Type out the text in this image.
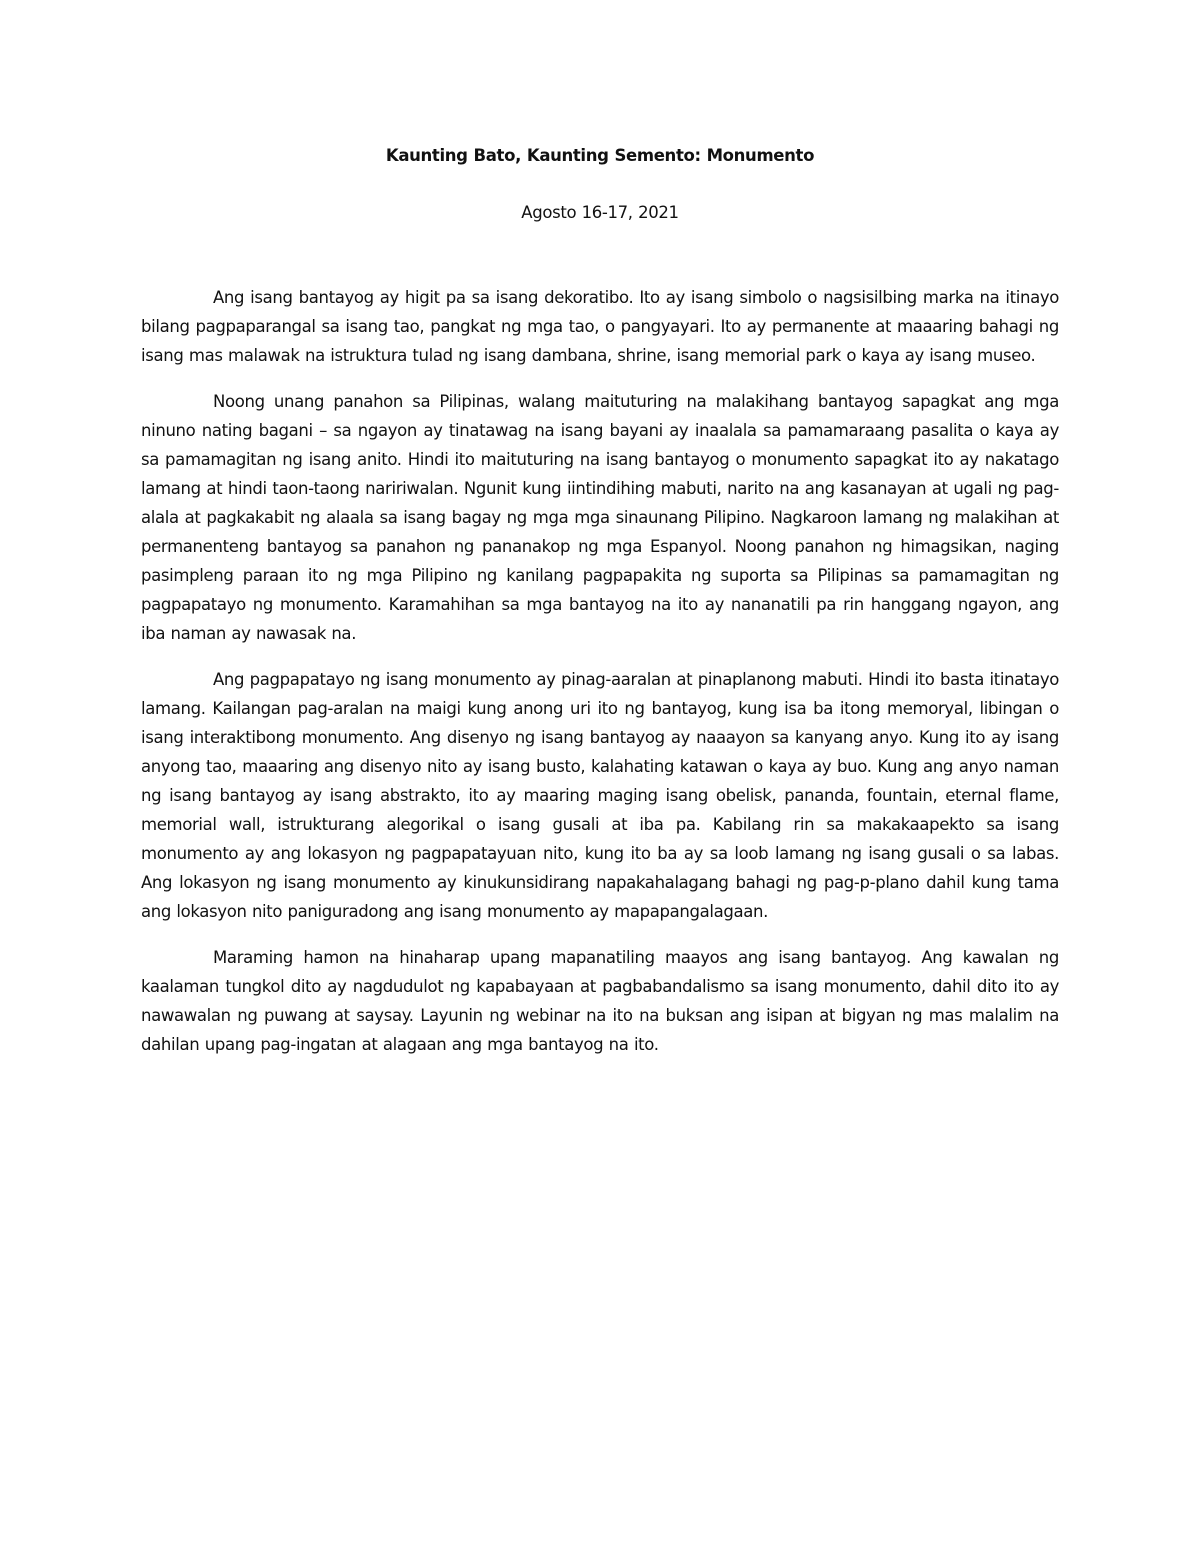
Kaunting Bato, Kaunting Semento: Monumento

Agosto 16-17, 2021

Ang isang bantayog ay higit pa sa isang dekoratibo. Ito ay isang simbolo o nagsisilbing marka na itinayo bilang pagpaparangal sa isang tao, pangkat ng mga tao, o pangyayari. Ito ay permanente at maaaring bahagi ng isang mas malawak na istruktura tulad ng isang dambana, shrine, isang memorial park o kaya ay isang museo.

Noong unang panahon sa Pilipinas, walang maituturing na malakihang bantayog sapagkat ang mga ninuno nating bagani – sa ngayon ay tinatawag na isang bayani ay inaalala sa pamamaraang pasalita o kaya ay sa pamamagitan ng isang anito. Hindi ito maituturing na isang bantayog o monumento sapagkat ito ay nakatago lamang at hindi taon-taong naririwalan. Ngunit kung iintindihing mabuti, narito na ang kasanayan at ugali ng pag-alala at pagkakabit ng alaala sa isang bagay ng mga mga sinaunang Pilipino. Nagkaroon lamang ng malakihan at permanenteng bantayog sa panahon ng pananakop ng mga Espanyol. Noong panahon ng himagsikan, naging pasimpleng paraan ito ng mga Pilipino ng kanilang pagpapakita ng suporta sa Pilipinas sa pamamagitan ng pagpapatayo ng monumento. Karamahihan sa mga bantayog na ito ay nananatili pa rin hanggang ngayon, ang iba naman ay nawasak na.

Ang pagpapatayo ng isang monumento ay pinag-aaralan at pinaplanong mabuti. Hindi ito basta itinatayo lamang. Kailangan pag-aralan na maigi kung anong uri ito ng bantayog, kung isa ba itong memoryal, libingan o isang interaktibong monumento. Ang disenyo ng isang bantayog ay naaayon sa kanyang anyo. Kung ito ay isang anyong tao, maaaring ang disenyo nito ay isang busto, kalahating katawan o kaya ay buo. Kung ang anyo naman ng isang bantayog ay isang abstrakto, ito ay maaring maging isang obelisk, pananda, fountain, eternal flame, memorial wall, istrukturang alegorikal o isang gusali at iba pa. Kabilang rin sa makakaapekto sa isang monumento ay ang lokasyon ng pagpapatayuan nito, kung ito ba ay sa loob lamang ng isang gusali o sa labas. Ang lokasyon ng isang monumento ay kinukunsidirang napakahalagang bahagi ng pag-p-plano dahil kung tama ang lokasyon nito paniguradong ang isang monumento ay mapapangalagaan.

Maraming hamon na hinaharap upang mapanatiling maayos ang isang bantayog. Ang kawalan ng kaalaman tungkol dito ay nagdudulot ng kapabayaan at pagbabandalismo sa isang monumento, dahil dito ito ay nawawalan ng puwang at saysay. Layunin ng webinar na ito na buksan ang isipan at bigyan ng mas malalim na dahilan upang pag-ingatan at alagaan ang mga bantayog na ito.
